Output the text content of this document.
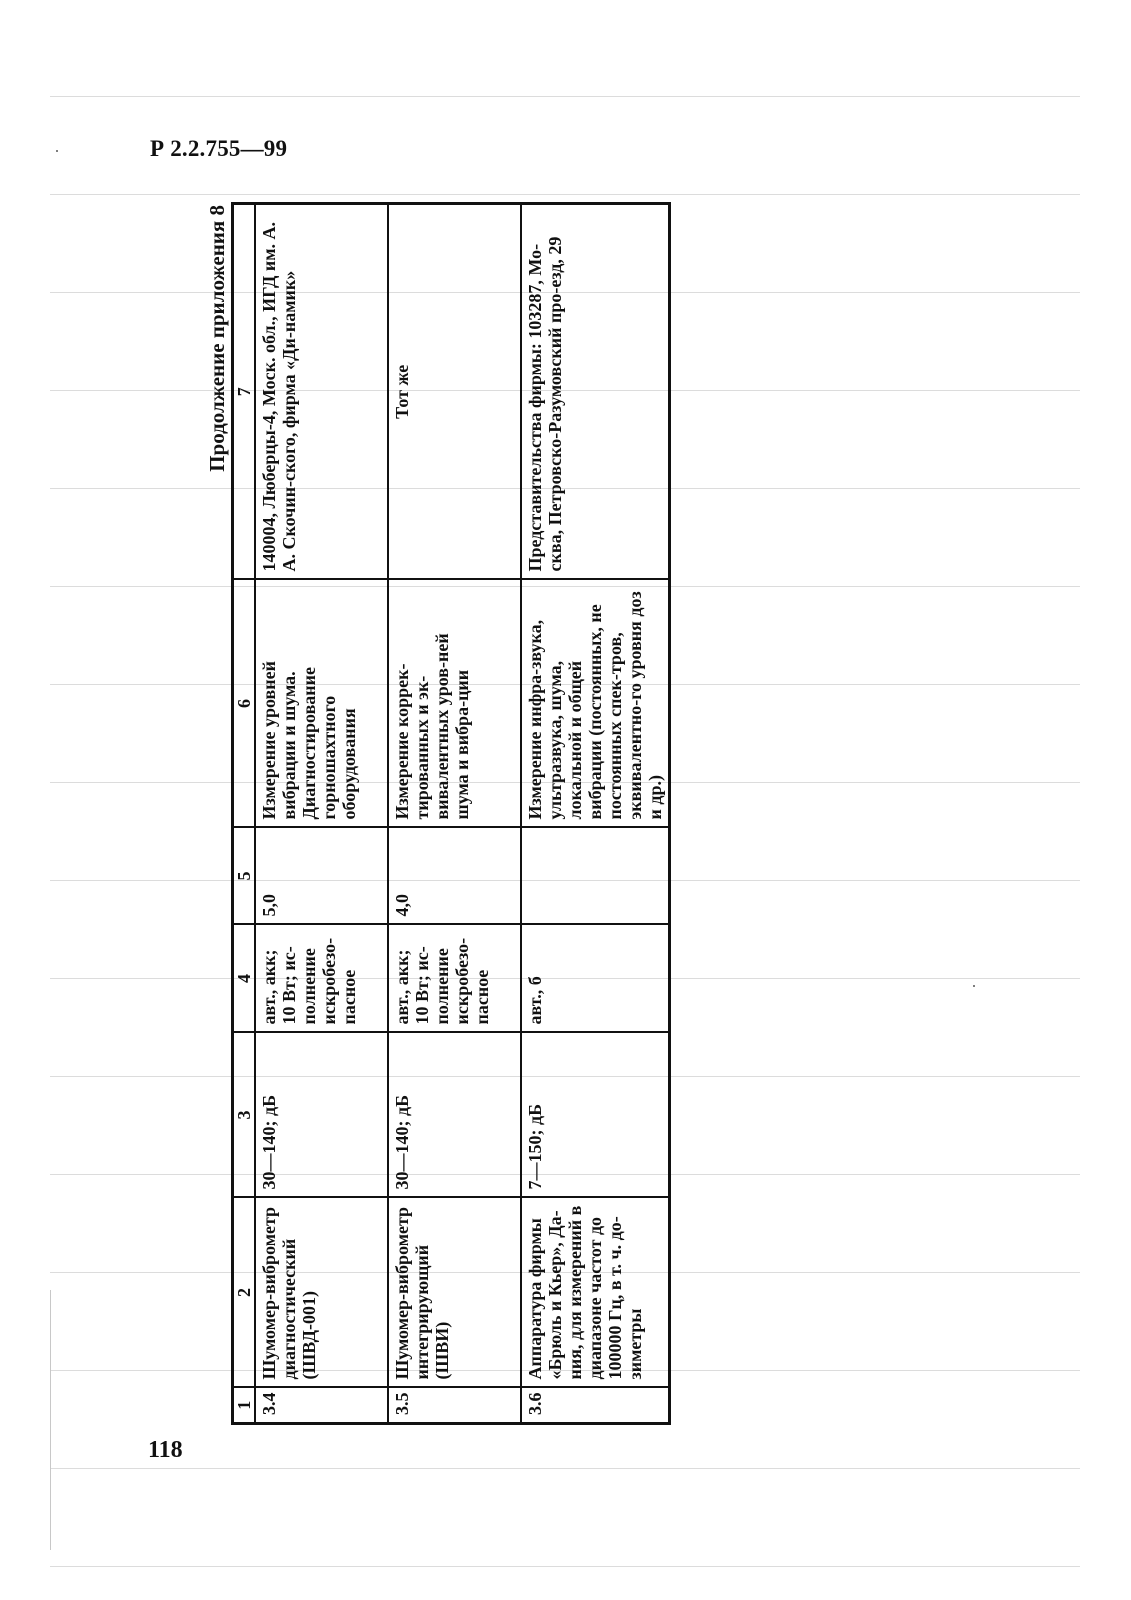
Р 2.2.755—99
Продолжение приложения 8
1	2	3	4	5	6	7
3.4	Шумомер-виброметр диагностический (ШВД-001)	30—140; дБ	авт., акк; 10 Вт; ис-полнение искробезо-пасное	5,0	Измерение уровней вибрации и шума. Диагностирование горношахтного оборудования	140004, Люберцы-4, Моск. обл., ИГД им. А. А. Скочин-ского, фирма «Ди-намик»
3.5	Шумомер-виброметр интегрирующий (ШВИ)	30—140; дБ	авт., акк; 10 Вт; ис-полнение искробезо-пасное	4,0	Измерение коррек-тированных и эк-вивалентных уров-ней шума и вибра-ции	Тот же
3.6	Аппаратура фирмы «Брюль и Кьер», Да-ния, для измерений в диапазоне частот до 100000 Гц, в т. ч. до-зиметры	7—150; дБ	авт., б		Измерение инфра-звука, ультразвука, шума, локальной и общей вибрации (постоянных, не постоянных спек-тров, эквивалентно-го уровня доз и др.)	Представительства фирмы: 103287, Мо-сква, Петровско-Разумовский про-езд, 29
118
